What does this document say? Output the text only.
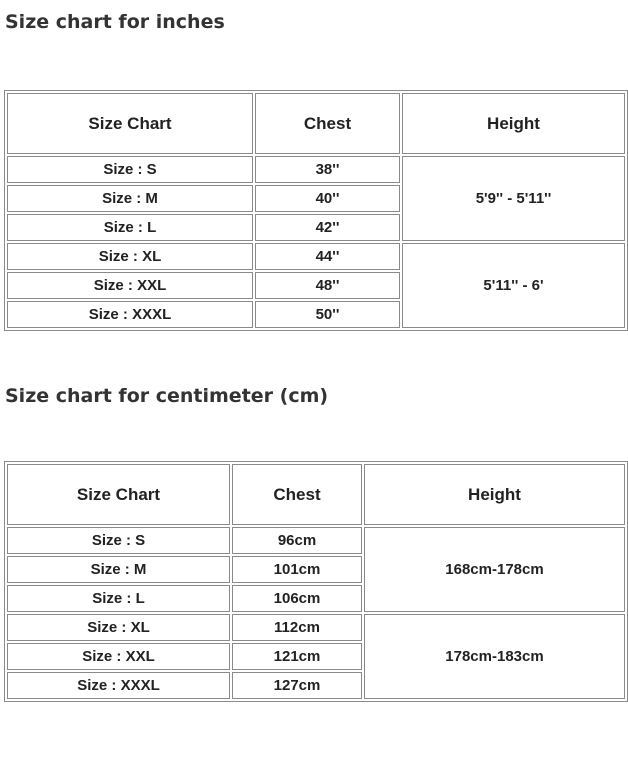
Size chart for inches
Size Chart	Chest	Height
Size : S	38''	5'9'' - 5'11''
Size : M	40''	
Size : L	42''	
Size : XL	44''	5'11'' - 6'
Size : XXL	48''	
Size : XXXL	50''	
Size chart for centimeter (cm)
Size Chart	Chest	Height
Size : S	96cm	168cm-178cm
Size : M	101cm	
Size : L	106cm	
Size : XL	112cm	178cm-183cm
Size : XXL	121cm	
Size : XXXL	127cm	
